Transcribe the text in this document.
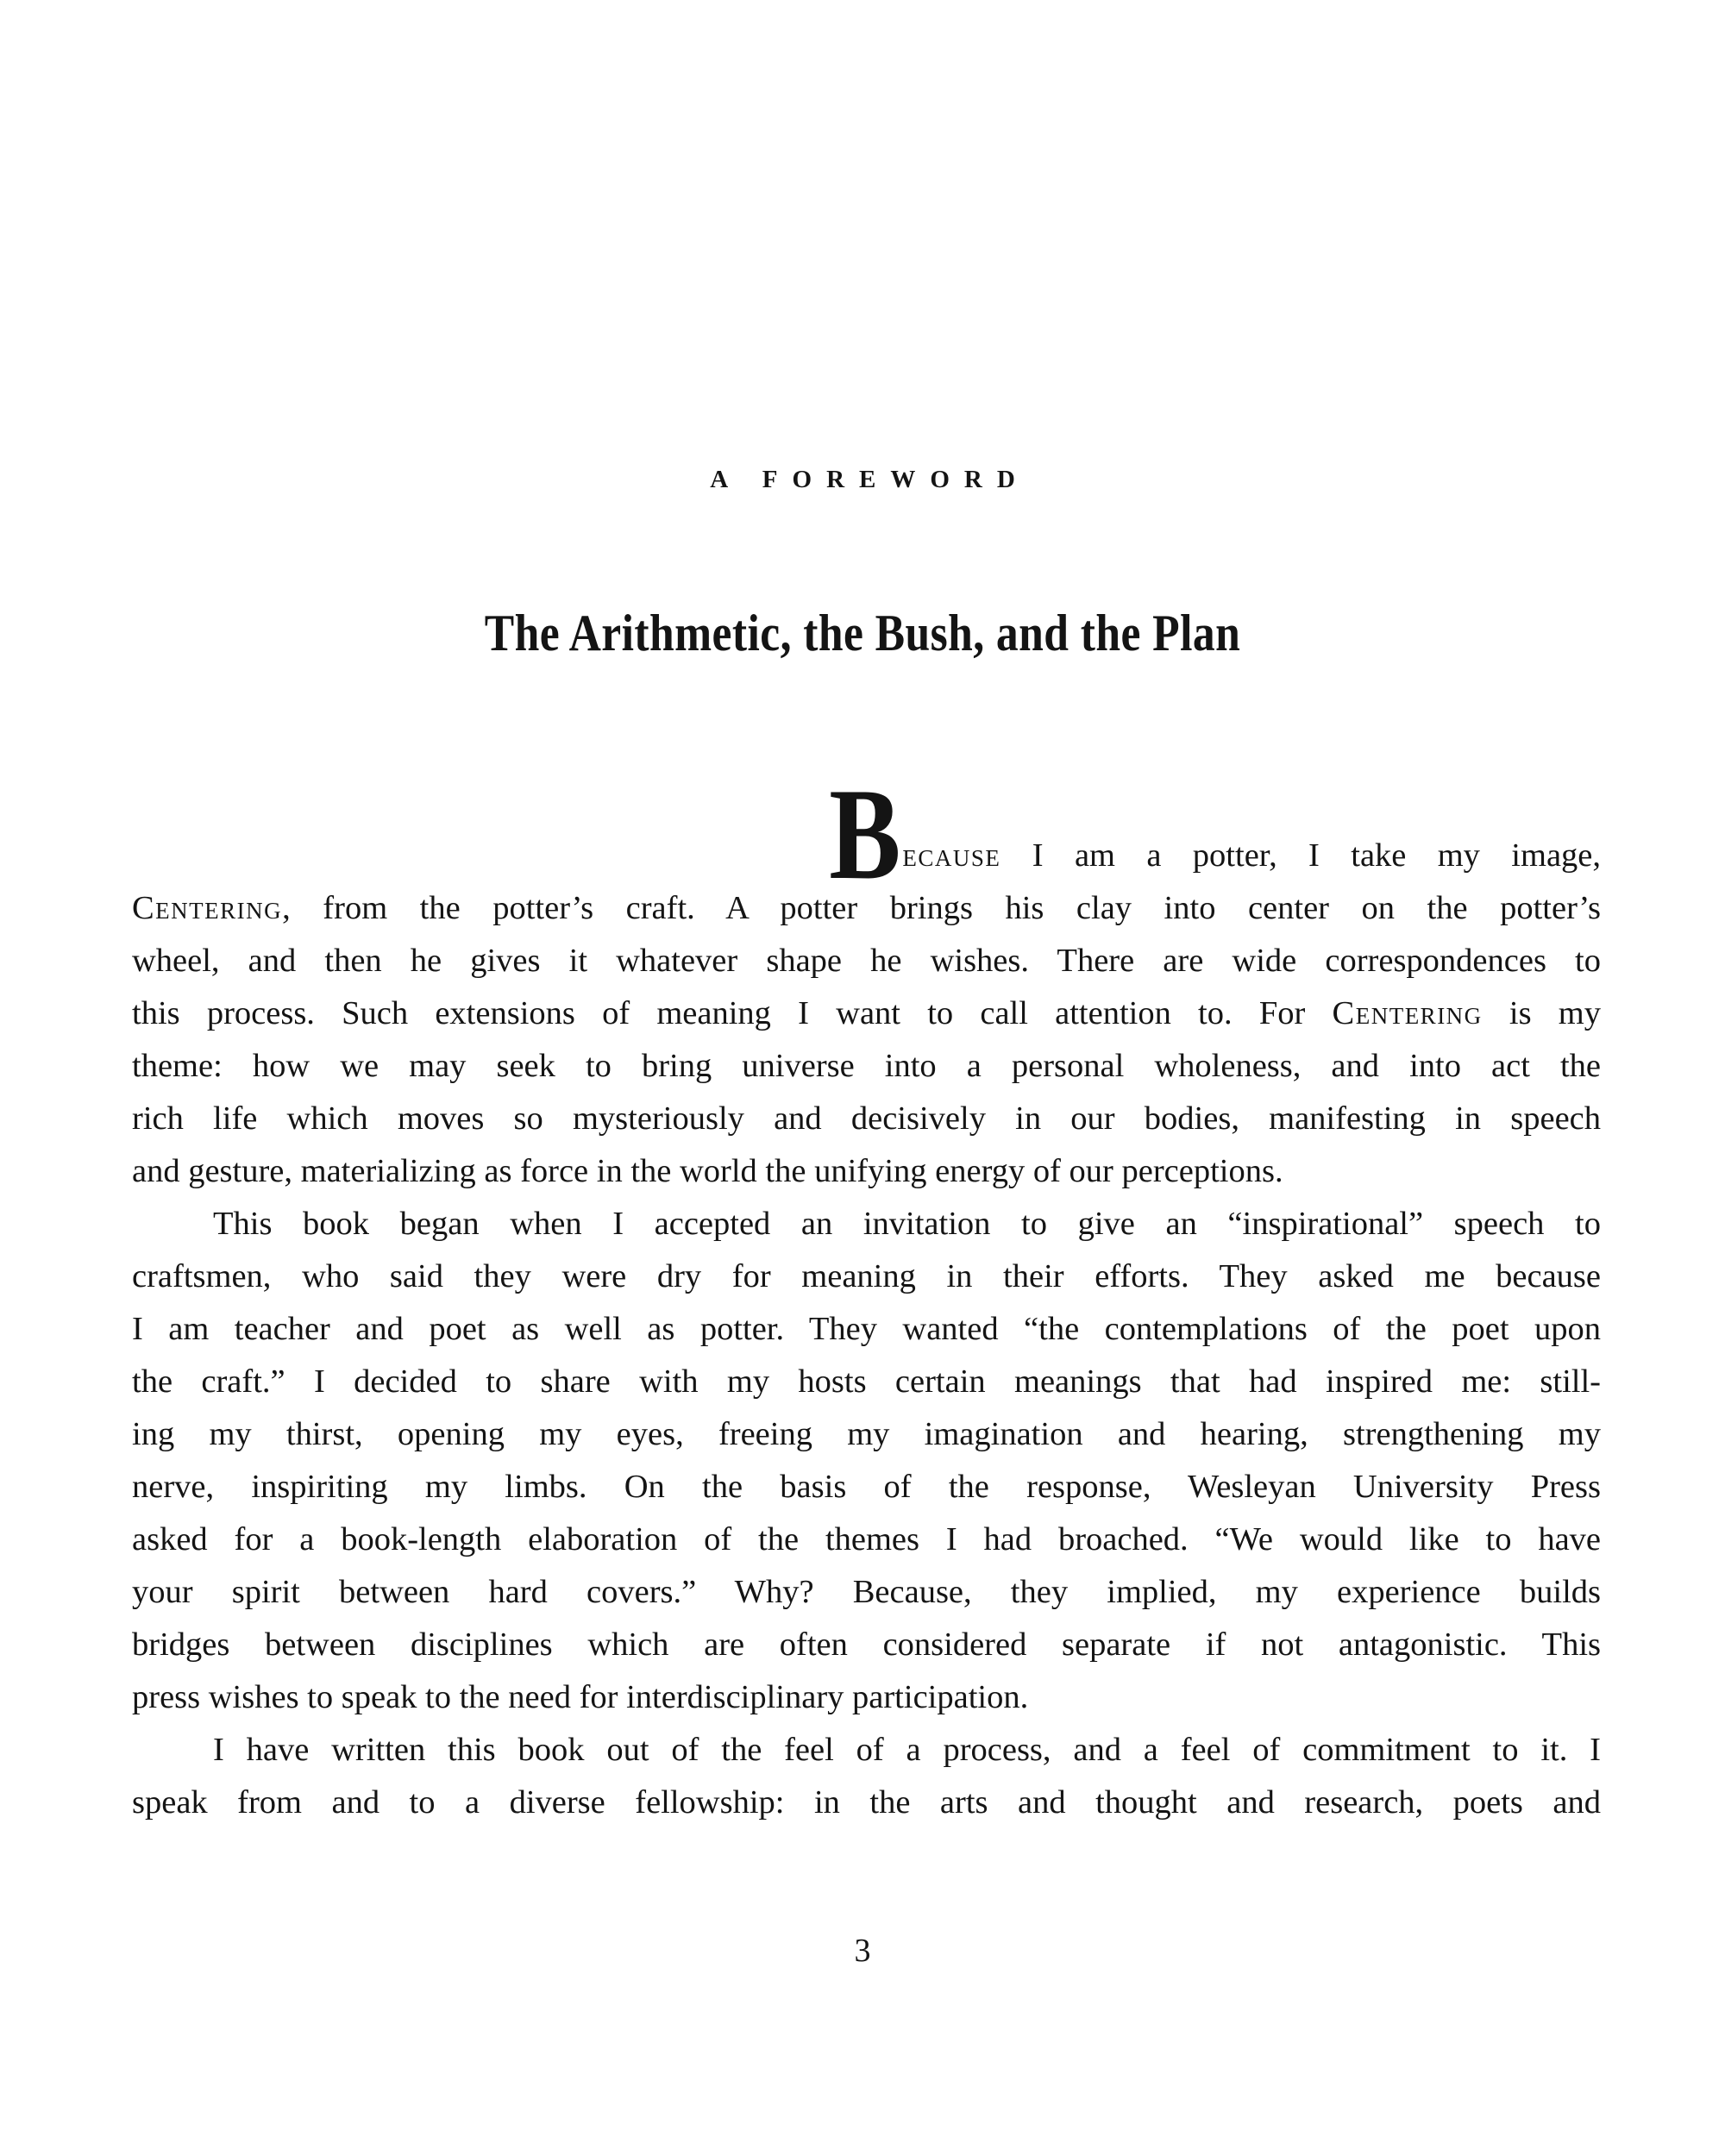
A FOREWORD
The Arithmetic, the Bush, and the Plan
B ecause I am a potter, I take my image,
Centering, from the potter’s craft. A potter brings his clay into center on the potter’s
wheel, and then he gives it whatever shape he wishes. There are wide correspondences to
this process. Such extensions of meaning I want to call attention to. For Centering is my
theme: how we may seek to bring universe into a personal wholeness, and into act the
rich life which moves so mysteriously and decisively in our bodies, manifesting in speech
and gesture, materializing as force in the world the unifying energy of our perceptions.
This book began when I accepted an invitation to give an “inspirational” speech to
craftsmen, who said they were dry for meaning in their efforts. They asked me because
I am teacher and poet as well as potter. They wanted “the contemplations of the poet upon
the craft.” I decided to share with my hosts certain meanings that had inspired me: still-
ing my thirst, opening my eyes, freeing my imagination and hearing, strengthening my
nerve, inspiriting my limbs. On the basis of the response, Wesleyan University Press
asked for a book-length elaboration of the themes I had broached. “We would like to have
your spirit between hard covers.” Why? Because, they implied, my experience builds
bridges between disciplines which are often considered separate if not antagonistic. This
press wishes to speak to the need for interdisciplinary participation.
I have written this book out of the feel of a process, and a feel of commitment to it. I
speak from and to a diverse fellowship: in the arts and thought and research, poets and
3
